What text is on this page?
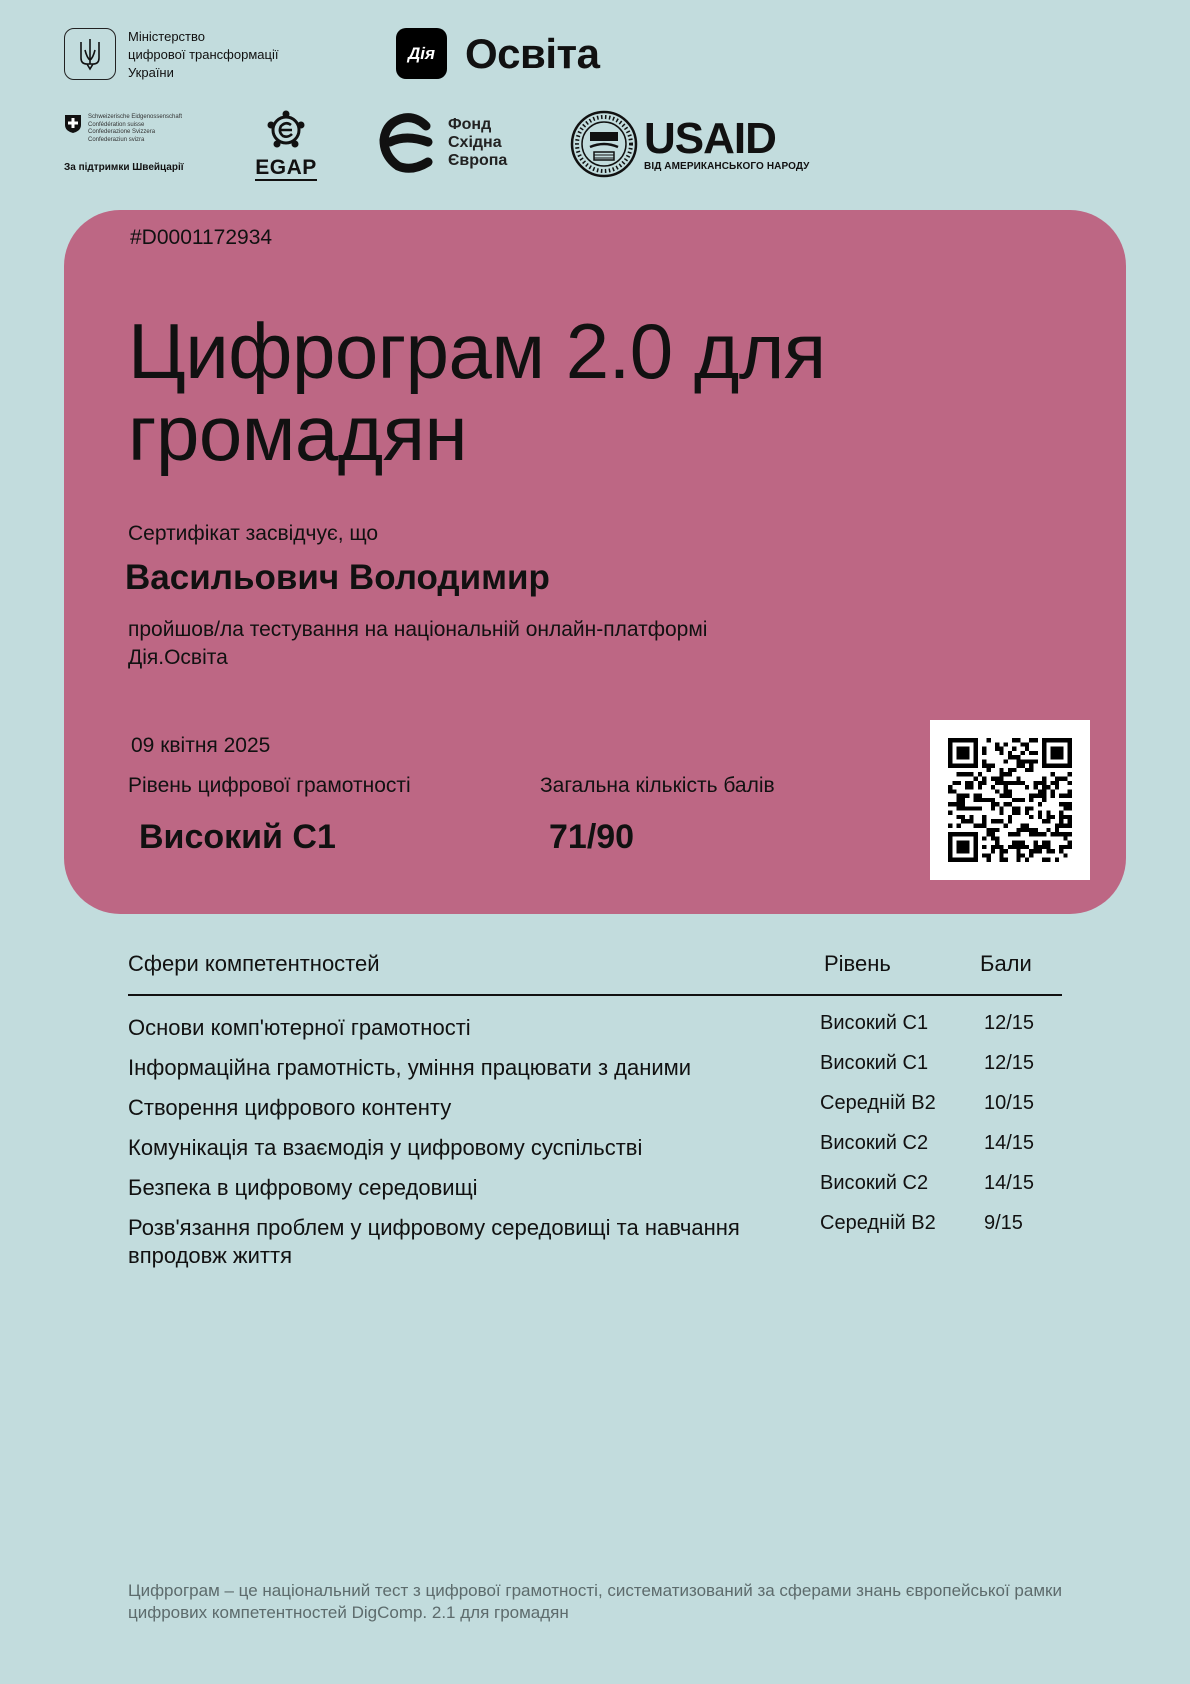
Міністерство
цифрової трансформації
України
Дія Освіта
Schweizerische Eidgenossenschaft
Confédération suisse
Confederazione Svizzera
Confederaziun svizra
За підтримки Швейцарії	EGAP
Фонд
Східна
Європа	USAID
ВІД АМЕРИКАНСЬКОГО НАРОДУ
#D0001172934
Цифрограм 2.0 для громадян
Сертифікат засвідчує, що
Васильович Володимир
пройшов/ла тестування на національній онлайн-платформі Дія.Освіта
09 квітня 2025
Рівень цифрової грамотності
Високий C1
Загальна кількість балів
71/90
Сфери компетентностей	Рівень	Бали
Основи комп'ютерної грамотності	Високий С1	12/15
Інформаційна грамотність, уміння працювати з даними	Високий С1	12/15
Створення цифрового контенту	Середній В2 10/15
Комунікація та взаємодія у цифровому суспільстві	Високий С2	14/15
Безпека в цифровому середовищі	Високий С2	14/15
Розв'язання проблем у цифровому середовищі та навчання впродовж життя
Середній В2 9/15
Цифрограм – це національний тест з цифрової грамотності, систематизований за сферами знань європейської рамки цифрових компетентностей DigComp. 2.1 для громадян
